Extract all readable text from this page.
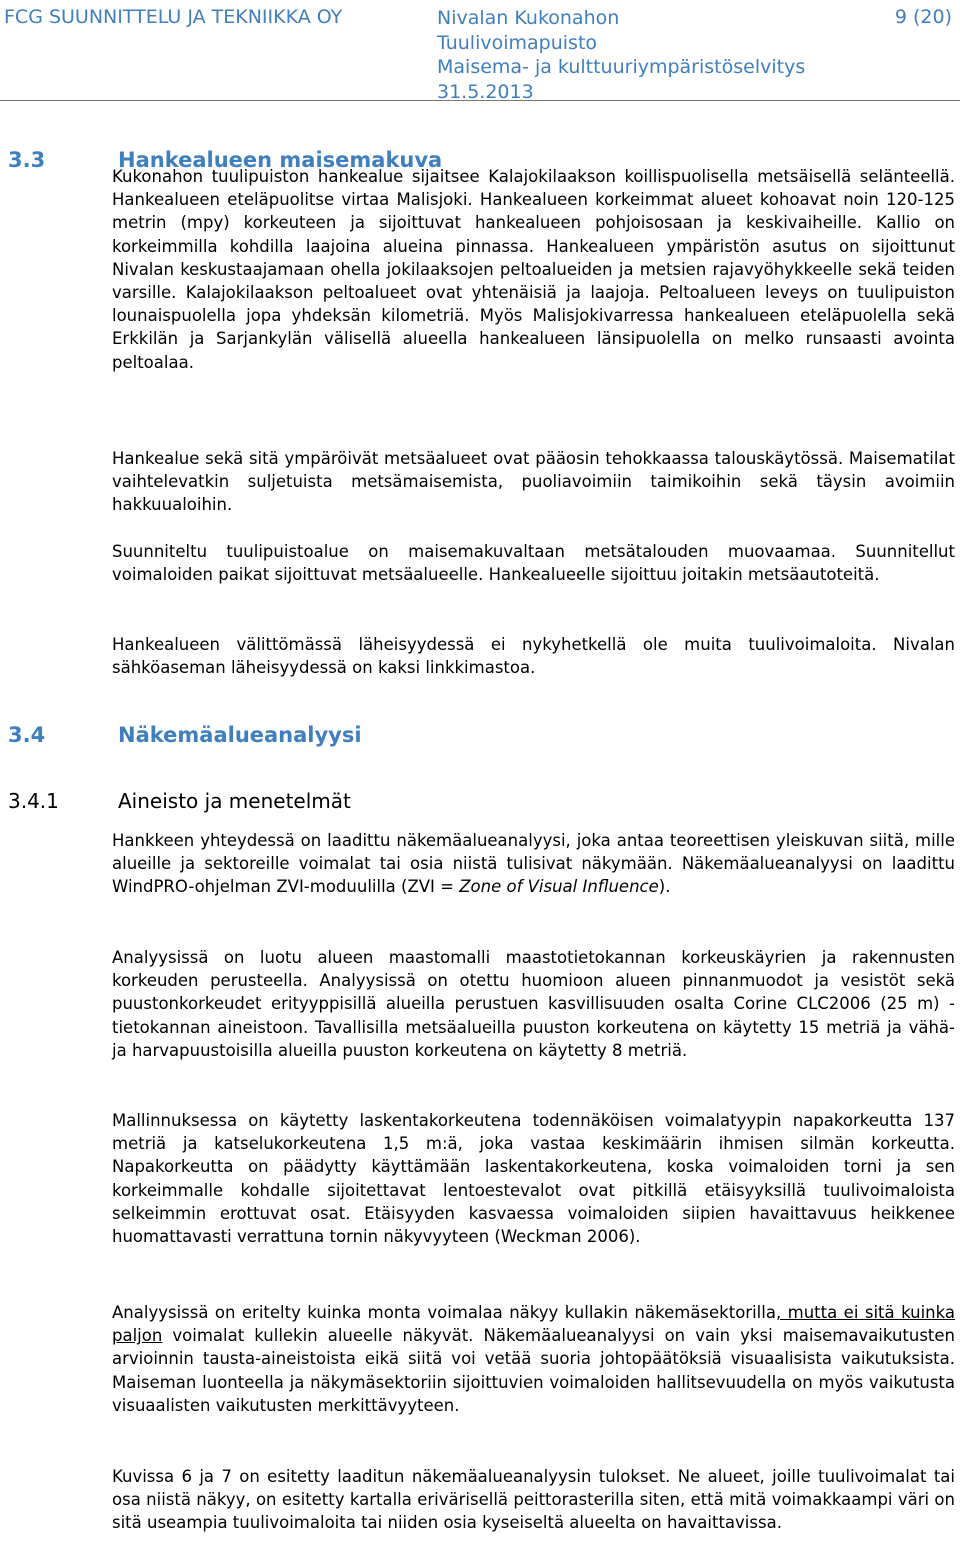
FCG SUUNNITTELU JA TEKNIIKKA OY	Nivalan Kukonahon
Tuulivoimapuisto
Maisema- ja kulttuuriympäristöselvitys
31.5.2013
9 (20)
3.3	Hankealueen maisemakuva
Kukonahon tuulipuiston hankealue sijaitsee Kalajokilaakson koillispuolisella metsäisellä selänteellä. Hankealueen eteläpuolitse virtaa Malisjoki. Hankealueen korkeimmat alueet kohoavat noin 120-125 metrin (mpy) korkeuteen ja sijoittuvat hankealueen pohjoisosaan ja keskivaiheille. Kallio on korkeimmilla kohdilla laajoina alueina pinnassa. Hankealueen ympäristön asutus on sijoittunut Nivalan keskustaajamaan ohella jokilaaksojen peltoalueiden ja metsien rajavyöhykkeelle sekä teiden varsille. Kalajokilaakson peltoalueet ovat yhtenäisiä ja laajoja. Peltoalueen leveys on tuulipuiston lounaispuolella jopa yhdeksän kilometriä. Myös Malisjokivarressa hankealueen eteläpuolella sekä Erkkilän ja Sarjankylän välisellä alueella hankealueen länsipuolella on melko runsaasti avointa peltoalaa.
Hankealue sekä sitä ympäröivät metsäalueet ovat pääosin tehokkaassa talouskäytössä. Maisematilat vaihtelevatkin suljetuista metsämaisemista, puoliavoimiin taimikoihin sekä täysin avoimiin hakkuualoihin.
Suunniteltu tuulipuistoalue on maisemakuvaltaan metsätalouden muovaamaa. Suunnitellut voimaloiden paikat sijoittuvat metsäalueelle. Hankealueelle sijoittuu joitakin metsäautoteitä.
Hankealueen välittömässä läheisyydessä ei nykyhetkellä ole muita tuulivoimaloita. Nivalan sähköaseman läheisyydessä on kaksi linkkimastoa.
3.4	Näkemäalueanalyysi
3.4.1	Aineisto ja menetelmät
Hankkeen yhteydessä on laadittu näkemäalueanalyysi, joka antaa teoreettisen yleiskuvan siitä, mille alueille ja sektoreille voimalat tai osia niistä tulisivat näkymään. Näkemäalueanalyysi on laadittu WindPRO-ohjelman ZVI-moduulilla (ZVI = Zone of Visual Influence).
Analyysissä on luotu alueen maastomalli maastotietokannan korkeuskäyrien ja rakennusten korkeuden perusteella. Analyysissä on otettu huomioon alueen pinnanmuodot ja vesistöt sekä puustonkorkeudet erityyppisillä alueilla perustuen kasvillisuuden osalta Corine CLC2006 (25 m) -tietokannan aineistoon. Tavallisilla metsäalueilla puuston korkeutena on käytetty 15 metriä ja vähä- ja harvapuustoisilla alueilla puuston korkeutena on käytetty 8 metriä.
Mallinnuksessa on käytetty laskentakorkeutena todennäköisen voimalatyypin napakorkeutta 137 metriä ja katselukorkeutena 1,5 m:ä, joka vastaa keskimäärin ihmisen silmän korkeutta. Napakorkeutta on päädytty käyttämään laskentakorkeutena, koska voimaloiden torni ja sen korkeimmalle kohdalle sijoitettavat lentoestevalot ovat pitkillä etäisyyksillä tuulivoimaloista selkeimmin erottuvat osat. Etäisyyden kasvaessa voimaloiden siipien havaittavuus heikkenee huomattavasti verrattuna tornin näkyvyyteen (Weckman 2006).
Analyysissä on eritelty kuinka monta voimalaa näkyy kullakin näkemäsektorilla, mutta ei sitä kuinka paljon voimalat kullekin alueelle näkyvät. Näkemäalueanalyysi on vain yksi maisemavaikutusten arvioinnin tausta-aineistoista eikä siitä voi vetää suoria johtopäätöksiä visuaalisista vaikutuksista. Maiseman luonteella ja näkymäsektoriin sijoittuvien voimaloiden hallitsevuudella on myös vaikutusta visuaalisten vaikutusten merkittävyyteen.
Kuvissa 6 ja 7 on esitetty laaditun näkemäalueanalyysin tulokset. Ne alueet, joille tuulivoimalat tai osa niistä näkyy, on esitetty kartalla erivärisellä peittorasterilla siten, että mitä voimakkaampi väri on sitä useampia tuulivoimaloita tai niiden osia kyseiseltä alueelta on havaittavissa.
